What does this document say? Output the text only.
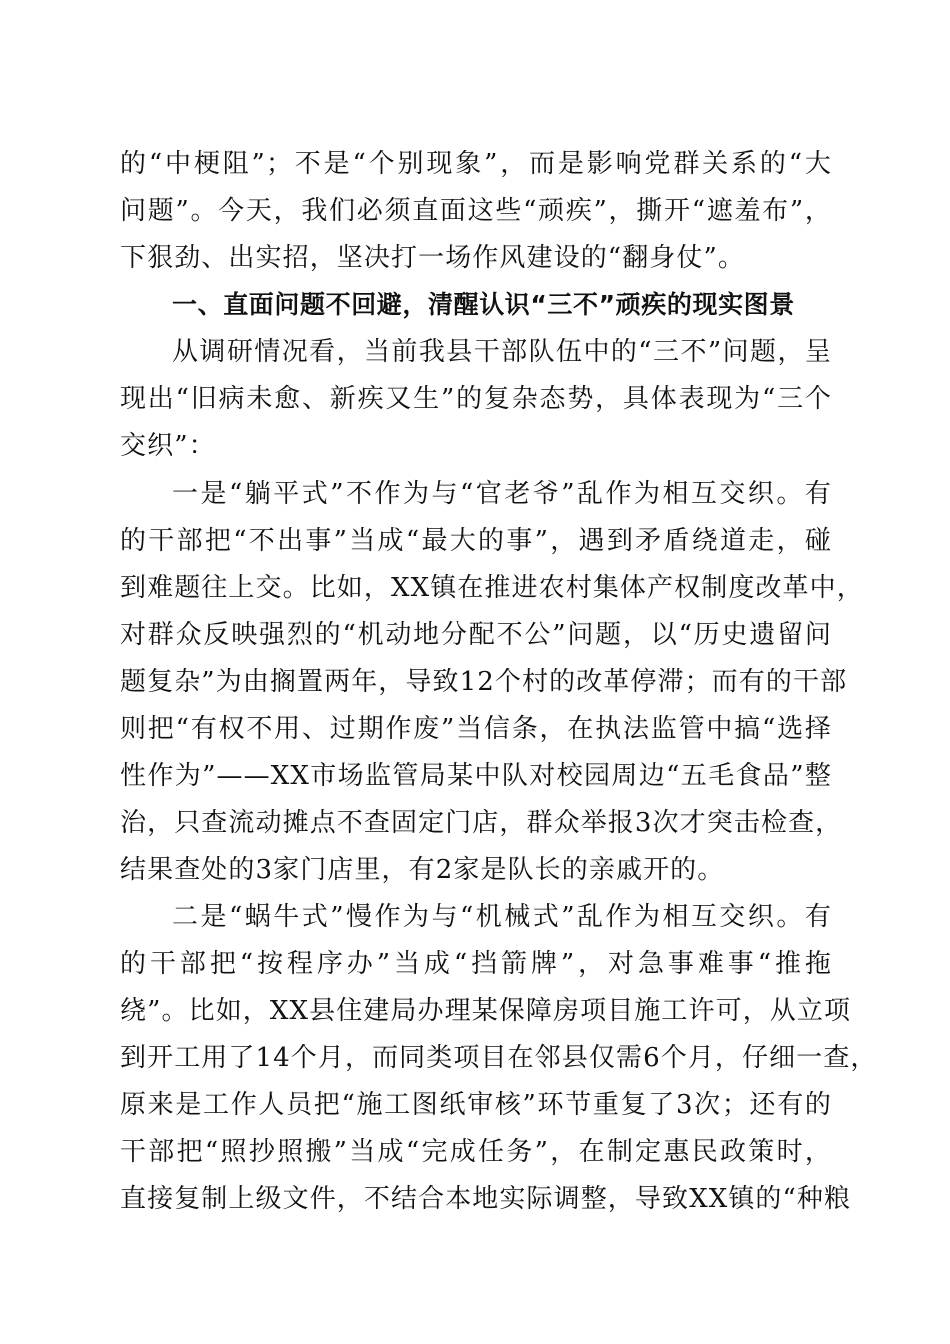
的“中梗阻”；不是“个别现象”，而是影响党群关系的“大
问题”。今天，我们必须直面这些“顽疾”，撕开“遮羞布”，
下狠劲、出实招，坚决打一场作风建设的“翻身仗”。
一、直面问题不回避，清醒认识“三不”顽疾的现实图景
从调研情况看，当前我县干部队伍中的“三不”问题，呈
现出“旧病未愈、新疾又生”的复杂态势，具体表现为“三个
交织”：
一是“躺平式”不作为与“官老爷”乱作为相互交织。有
的干部把“不出事”当成“最大的事”，遇到矛盾绕道走，碰
到难题往上交。比如，XX镇在推进农村集体产权制度改革中，
对群众反映强烈的“机动地分配不公”问题，以“历史遗留问
题复杂”为由搁置两年，导致12个村的改革停滞；而有的干部
则把“有权不用、过期作废”当信条，在执法监管中搞“选择
性作为”——XX市场监管局某中队对校园周边“五毛食品”整
治，只查流动摊点不查固定门店，群众举报3次才突击检查，
结果查处的3家门店里，有2家是队长的亲戚开的。
二是“蜗牛式”慢作为与“机械式”乱作为相互交织。有
的干部把“按程序办”当成“挡箭牌”，对急事难事“推拖
绕”。比如，XX县住建局办理某保障房项目施工许可，从立项
到开工用了14个月，而同类项目在邻县仅需6个月，仔细一查，
原来是工作人员把“施工图纸审核”环节重复了3次；还有的
干部把“照抄照搬”当成“完成任务”，在制定惠民政策时，
直接复制上级文件，不结合本地实际调整，导致XX镇的“种粮
